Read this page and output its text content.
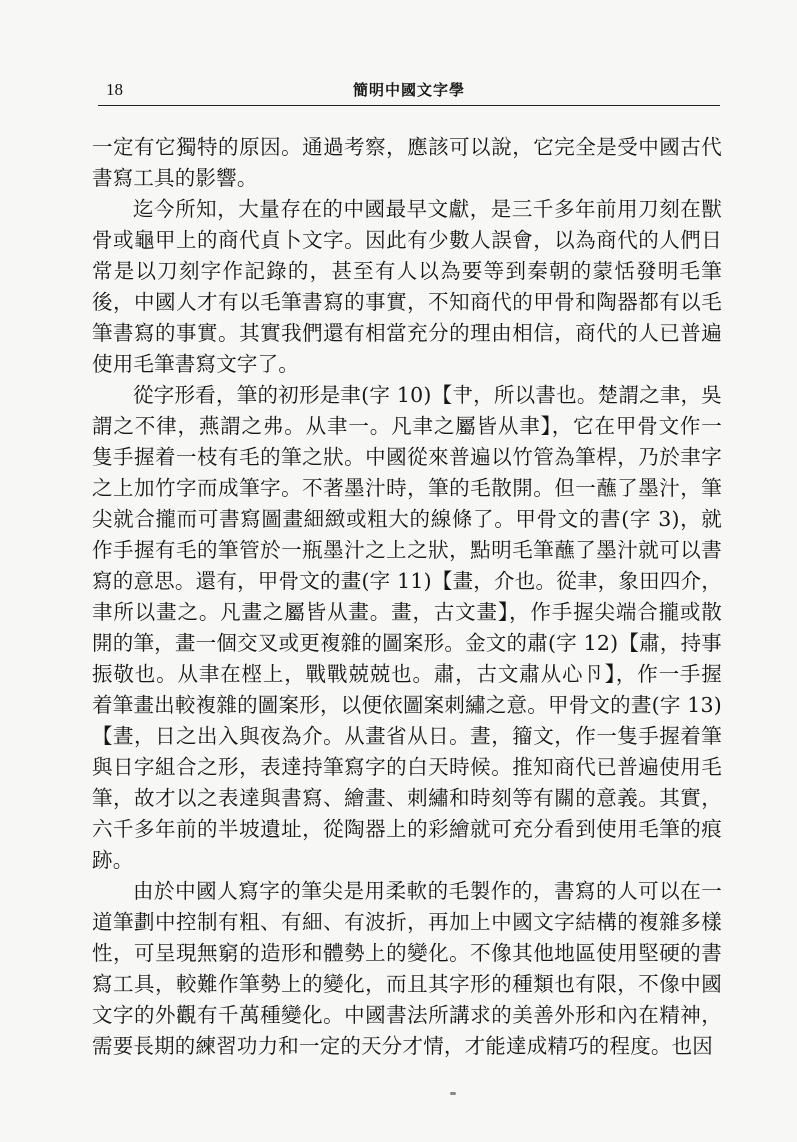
18	簡明中國文字學

一定有它獨特的原因。通過考察，應該可以說，它完全是受中國古代書寫工具的影響。

迄今所知，大量存在的中國最早文獻，是三千多年前用刀刻在獸骨或龜甲上的商代貞卜文字。因此有少數人誤會，以為商代的人們日常是以刀刻字作記錄的，甚至有人以為要等到秦朝的蒙恬發明毛筆後，中國人才有以毛筆書寫的事實，不知商代的甲骨和陶器都有以毛筆書寫的事實。其實我們還有相當充分的理由相信，商代的人已普遍使用毛筆書寫文字了。

從字形看，筆的初形是聿(字 10)【肀，所以書也。楚謂之聿，吳謂之不律，燕謂之弗。从聿一。凡聿之屬皆从聿】，它在甲骨文作一隻手握着一枝有毛的筆之狀。中國從來普遍以竹管為筆桿，乃於聿字之上加竹字而成筆字。不著墨汁時，筆的毛散開。但一蘸了墨汁，筆尖就合攏而可書寫圖畫細緻或粗大的線條了。甲骨文的書(字 3)，就作手握有毛的筆管於一瓶墨汁之上之狀，點明毛筆蘸了墨汁就可以書寫的意思。還有，甲骨文的畫(字 11)【畫，介也。從聿，象田四介，聿所以畫之。凡畫之屬皆从畫。畫，古文畫】，作手握尖端合攏或散開的筆，畫一個交叉或更複雜的圖案形。金文的肅(字 12)【肅，持事振敬也。从聿在㭴上，戰戰兢兢也。肅，古文肅从心卪】，作一手握着筆畫出較複雜的圖案形，以便依圖案刺繡之意。甲骨文的晝(字 13)【晝，日之出入與夜為介。从畫省从日。晝，籀文，作一隻手握着筆與日字組合之形，表達持筆寫字的白天時候。推知商代已普遍使用毛筆，故才以之表達與書寫、繪畫、刺繡和時刻等有關的意義。其實，六千多年前的半坡遺址，從陶器上的彩繪就可充分看到使用毛筆的痕跡。

由於中國人寫字的筆尖是用柔軟的毛製作的，書寫的人可以在一道筆劃中控制有粗、有細、有波折，再加上中國文字結構的複雜多樣性，可呈現無窮的造形和體勢上的變化。不像其他地區使用堅硬的書寫工具，較難作筆勢上的變化，而且其字形的種類也有限，不像中國文字的外觀有千萬種變化。中國書法所講求的美善外形和內在精神，需要長期的練習功力和一定的天分才情，才能達成精巧的程度。也因
